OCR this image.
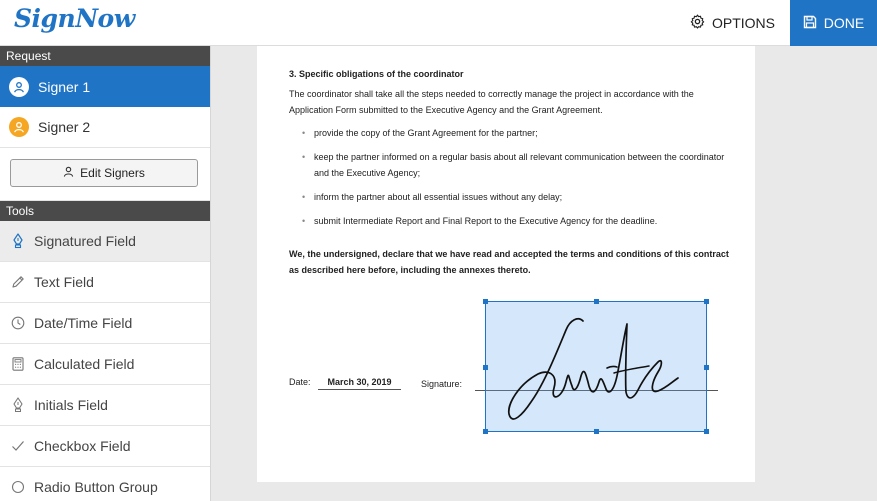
SignNow	OPTIONS	DONE
Request
Signer 1
Signer 2
Edit Signers
Tools
Signatured Field
Text Field
Date/Time Field
Calculated Field
Initials Field
Checkbox Field
Radio Button Group
3. Specific obligations of the coordinator
The coordinator shall take all the steps needed to correctly manage the project in accordance with the Application Form submitted to the Executive Agency and the Grant Agreement.
• provide the copy of the Grant Agreement for the partner;
• keep the partner informed on a regular basis about all relevant communication between the coordinator and the Executive Agency;
• inform the partner about all essential issues without any delay;
• submit Intermediate Report and Final Report to the Executive Agency for the deadline.
We, the undersigned, declare that we have read and accepted the terms and conditions of this contract as described here before, including the annexes thereto.
Date:	March 30, 2019	Signature:
